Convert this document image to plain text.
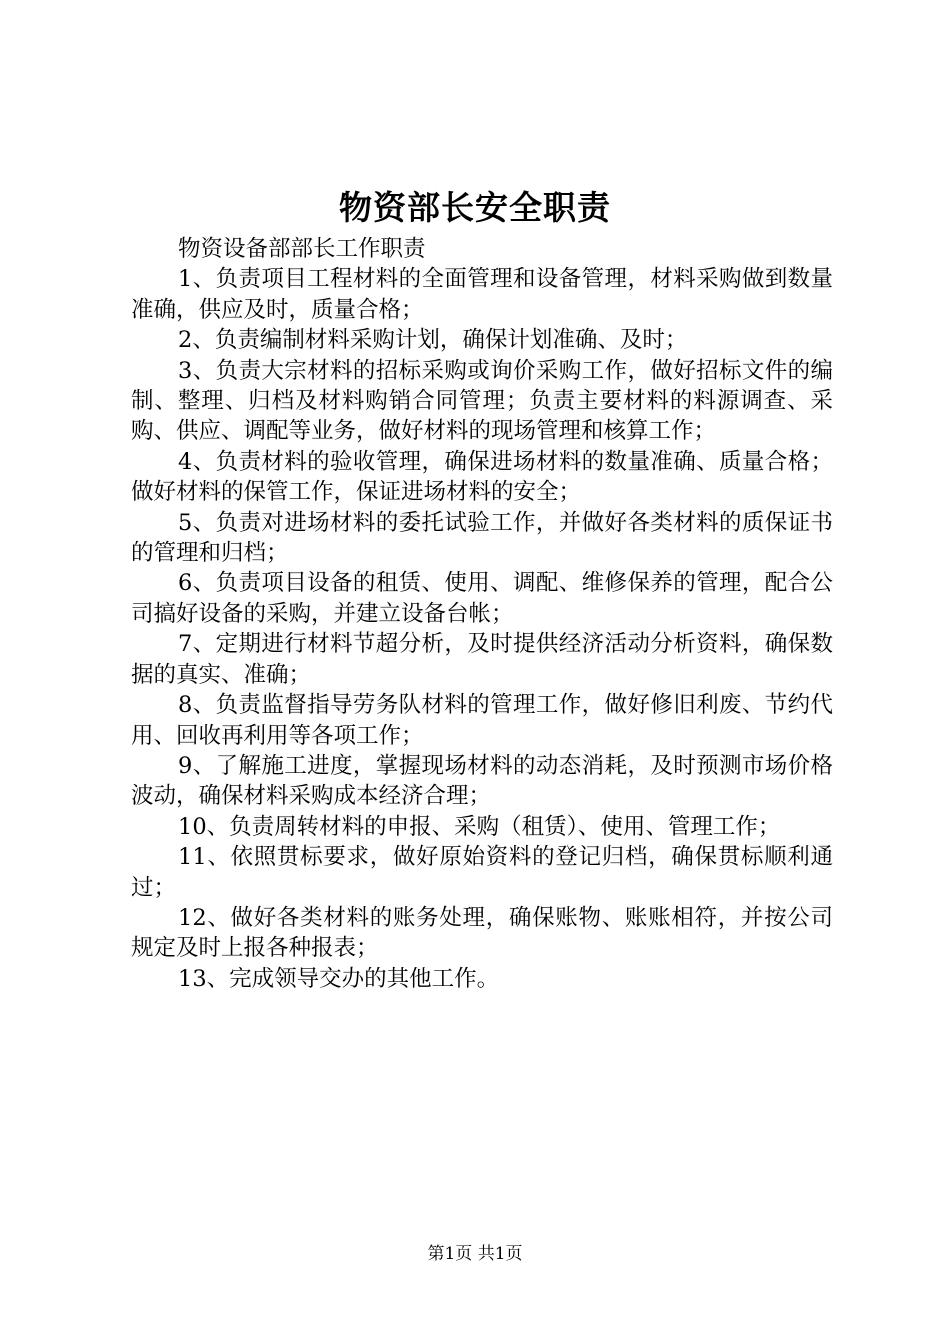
物资部长安全职责

物资设备部部长工作职责

1、负责项目工程材料的全面管理和设备管理，材料采购做到数量准确，供应及时，质量合格；

2、负责编制材料采购计划，确保计划准确、及时；

3、负责大宗材料的招标采购或询价采购工作，做好招标文件的编制、整理、归档及材料购销合同管理；负责主要材料的料源调查、采购、供应、调配等业务，做好材料的现场管理和核算工作；

4、负责材料的验收管理，确保进场材料的数量准确、质量合格；做好材料的保管工作，保证进场材料的安全；

5、负责对进场材料的委托试验工作，并做好各类材料的质保证书的管理和归档；

6、负责项目设备的租赁、使用、调配、维修保养的管理，配合公司搞好设备的采购，并建立设备台帐；

7、定期进行材料节超分析，及时提供经济活动分析资料，确保数据的真实、准确；

8、负责监督指导劳务队材料的管理工作，做好修旧利废、节约代用、回收再利用等各项工作；

9、了解施工进度，掌握现场材料的动态消耗，及时预测市场价格波动，确保材料采购成本经济合理；

10、负责周转材料的申报、采购（租赁）、使用、管理工作；

11、依照贯标要求，做好原始资料的登记归档，确保贯标顺利通过；

12、做好各类材料的账务处理，确保账物、账账相符，并按公司规定及时上报各种报表；

13、完成领导交办的其他工作。

第1页 共1页
